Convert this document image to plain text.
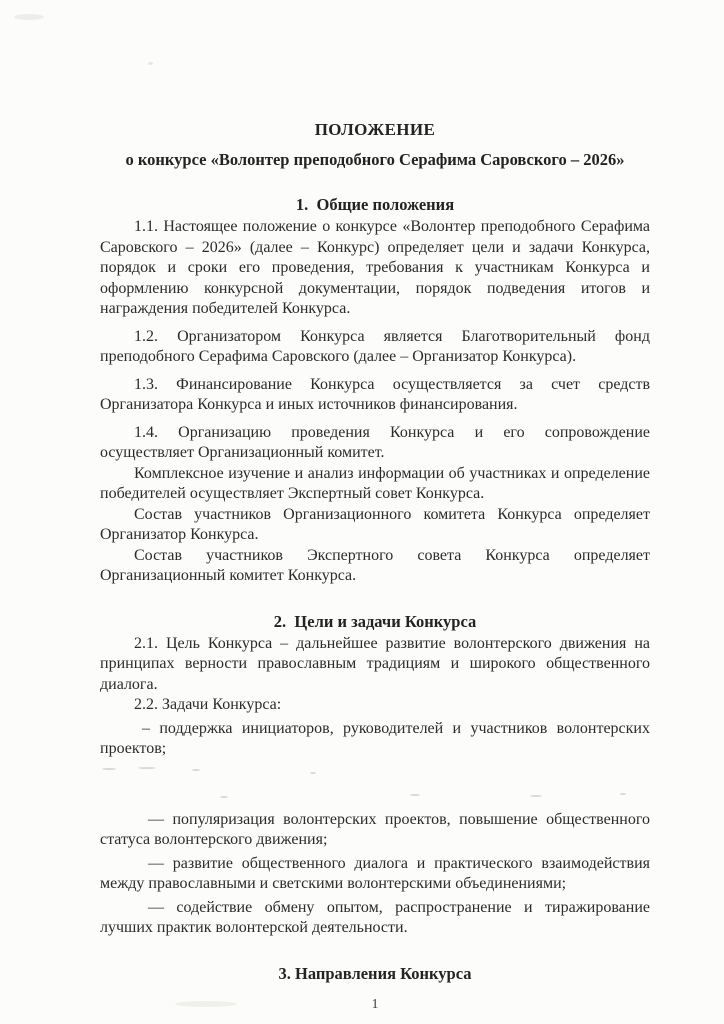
ПОЛОЖЕНИЕ

о конкурсе «Волонтер преподобного Серафима Саровского – 2026»

1.  Общие положения

1.1. Настоящее положение о конкурсе «Волонтер преподобного Серафима Саровского – 2026» (далее – Конкурс) определяет цели и задачи Конкурса, порядок и сроки его проведения, требования к участникам Конкурса и оформлению конкурсной документации, порядок подведения итогов и награждения победителей Конкурса.

1.2. Организатором Конкурса является Благотворительный фонд преподобного Серафима Саровского (далее – Организатор Конкурса).

1.3. Финансирование Конкурса осуществляется за счет средств Организатора Конкурса и иных источников финансирования.

1.4. Организацию проведения Конкурса и его сопровождение осуществляет Организационный комитет.

Комплексное изучение и анализ информации об участниках и определение победителей осуществляет Экспертный совет Конкурса.

Состав участников Организационного комитета Конкурса определяет Организатор Конкурса.

Состав участников Экспертного совета Конкурса определяет Организационный комитет Конкурса.

2.  Цели и задачи Конкурса

2.1. Цель Конкурса – дальнейшее развитие волонтерского движения на принципах верности православным традициям и широкого общественного диалога.

2.2. Задачи Конкурса:

– поддержка инициаторов, руководителей и участников волонтерских проектов;

— популяризация волонтерских проектов, повышение общественного статуса волонтерского движения;

— развитие общественного диалога и практического взаимодействия между православными и светскими волонтерскими объединениями;

— содействие обмену опытом, распространение и тиражирование лучших практик волонтерской деятельности.

3. Направления Конкурса

1
